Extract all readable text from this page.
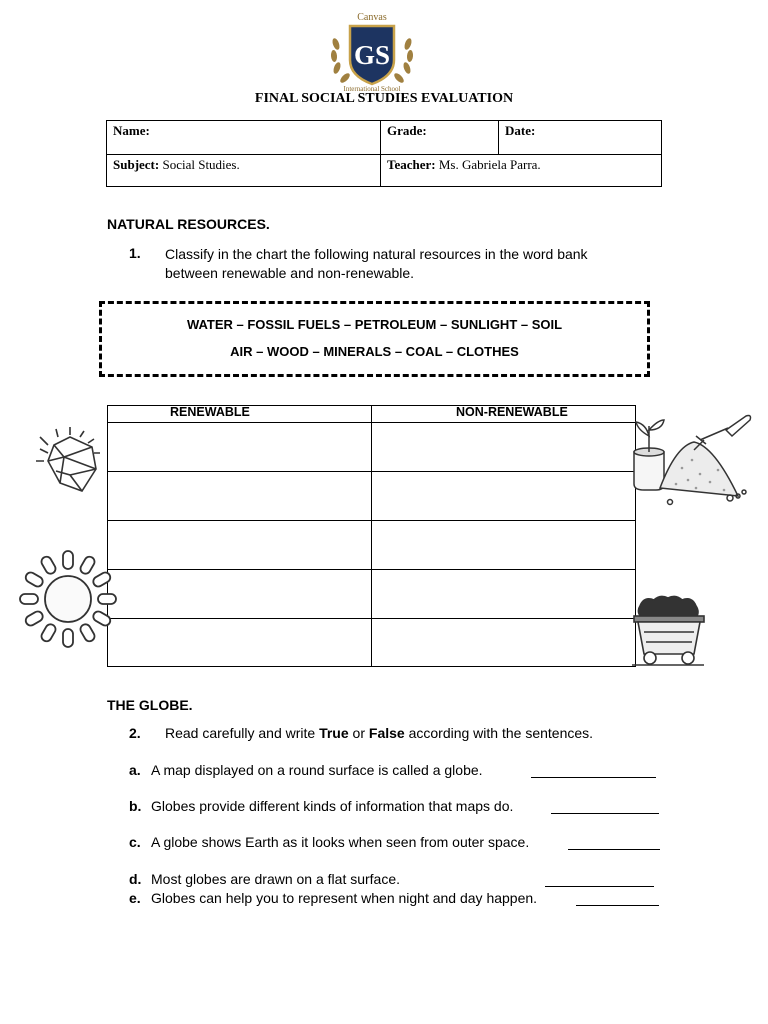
Canvas
GS
International School
FINAL SOCIAL STUDIES EVALUATION
Name:	Grade:	Date:
Subject: Social Studies.	Teacher: Ms. Gabriela Parra.	
NATURAL RESOURCES.
1. Classify in the chart the following natural resources in the word bank between renewable and non-renewable.
WATER – FOSSIL FUELS – PETROLEUM – SUNLIGHT – SOIL
AIR – WOOD – MINERALS – COAL – CLOTHES
RENEWABLE	NON-RENEWABLE
THE GLOBE.
2. Read carefully and write True or False according with the sentences.
a. A map displayed on a round surface is called a globe.
b. Globes provide different kinds of information that maps do.
c. A globe shows Earth as it looks when seen from outer space.
d. Most globes are drawn on a flat surface.
e. Globes can help you to represent when night and day happen.
